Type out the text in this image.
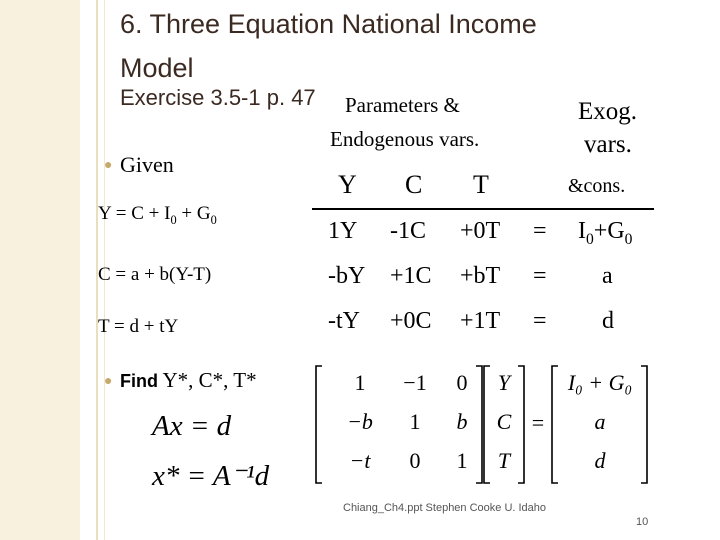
6. Three Equation National Income
Model
Exercise 3.5-1 p. 47 Parameters &
Endogenous vars.
Exog.
vars.
&cons.
● Given
Y C T
$Y = C + I_0 + G_0$
C = a + b(Y-T)
T = d + tY
1Y $-1C +0T = I_0+G_0$
-bY +1C +bT = a
-tY +0C +1T = d
● Find Y*, C*, T*	1 −1 0
−b 1 b
−t 0 1
Y
C
T
=
I₀ + G₀
a
d
Ax = d
x* = A⁻¹d
Chiang_Ch4.ppt Stephen Cooke U. Idaho
10
